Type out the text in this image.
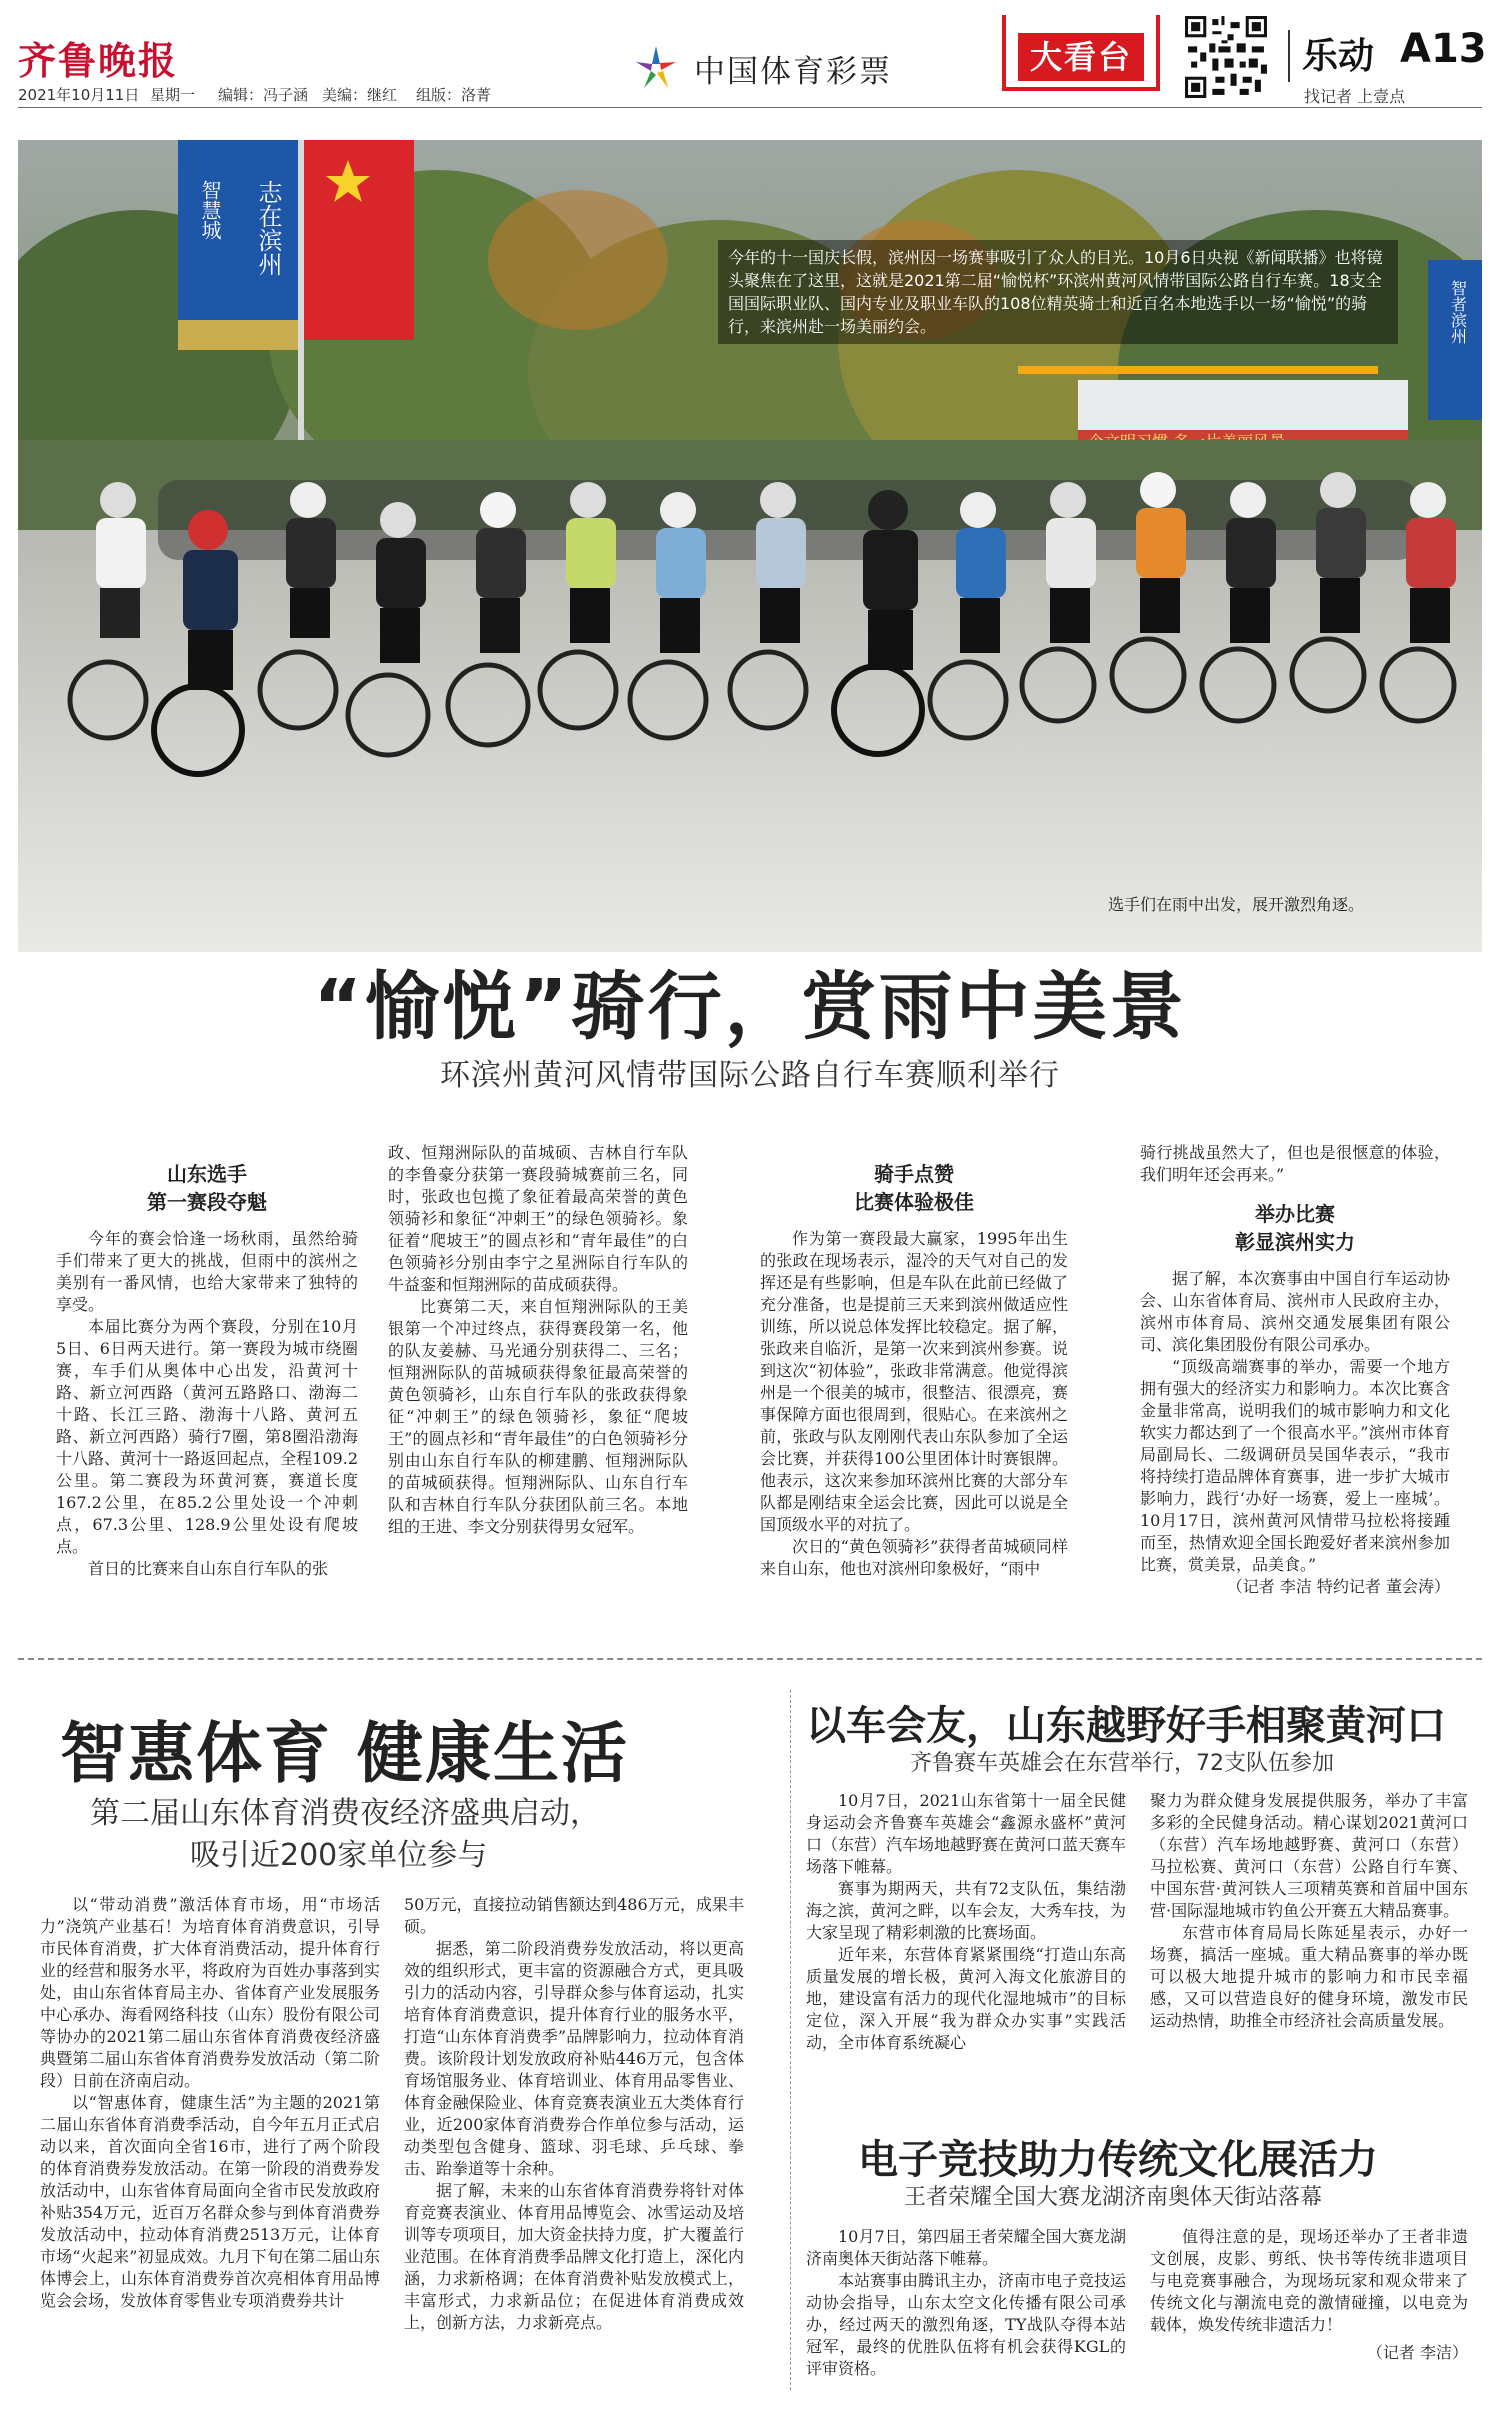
齐鲁晚报
2021年10月11日 星期一 编辑：冯子涵 美编：继红 组版：洛菁
中国体育彩票	大看台	乐动 A13
找记者 上壹点
志在滨州
智慧城
智者滨州
今年的十一国庆长假，滨州因一场赛事吸引了众人的目光。10月6日央视《新闻联播》也将镜头聚焦在了这里，这就是2021第二届“愉悦杯”环滨州黄河风情带国际公路自行车赛。18支全国国际职业队、国内专业及职业车队的108位精英骑士和近百名本地选手以一场“愉悦”的骑行，来滨州赴一场美丽约会。
选手们在雨中出发，展开激烈角逐。
“愉悦”骑行，赏雨中美景
环滨州黄河风情带国际公路自行车赛顺利举行
山东选手
第一赛段夺魁

今年的赛会恰逢一场秋雨，虽然给骑手们带来了更大的挑战，但雨中的滨州之美别有一番风情，也给大家带来了独特的享受。

本届比赛分为两个赛段，分别在10月5日、6日两天进行。第一赛段为城市绕圈赛，车手们从奥体中心出发，沿黄河十路、新立河西路（黄河五路路口、渤海二十路、长江三路、渤海十八路、黄河五路、新立河西路）骑行7圈，第8圈沿渤海十八路、黄河十一路返回起点，全程109.2公里。第二赛段为环黄河赛，赛道长度167.2公里，在85.2公里处设一个冲刺点，67.3公里、128.9公里处设有爬坡点。

首日的比赛来自山东自行车队的张

政、恒翔洲际队的苗城硕、吉林自行车队的李鲁豪分获第一赛段骑城赛前三名，同时，张政也包揽了象征着最高荣誉的黄色领骑衫和象征“冲刺王”的绿色领骑衫。象征着“爬坡王”的圆点衫和“青年最佳”的白色领骑衫分别由李宁之星洲际自行车队的牛益銮和恒翔洲际的苗成硕获得。

比赛第二天，来自恒翔洲际队的王美银第一个冲过终点，获得赛段第一名，他的队友姜赫、马光通分别获得二、三名；恒翔洲际队的苗城硕获得象征最高荣誉的黄色领骑衫，山东自行车队的张政获得象征“冲刺王”的绿色领骑衫，象征“爬坡王”的圆点衫和“青年最佳”的白色领骑衫分别由山东自行车队的柳建鹏、恒翔洲际队的苗城硕获得。恒翔洲际队、山东自行车队和吉林自行车队分获团队前三名。本地组的王进、李文分别获得男女冠军。

骑手点赞
比赛体验极佳

作为第一赛段最大赢家，1995年出生的张政在现场表示，湿冷的天气对自己的发挥还是有些影响，但是车队在此前已经做了充分准备，也是提前三天来到滨州做适应性训练，所以说总体发挥比较稳定。据了解，张政来自临沂，是第一次来到滨州参赛。说到这次“初体验”，张政非常满意。他觉得滨州是一个很美的城市，很整洁、很漂亮，赛事保障方面也很周到，很贴心。在来滨州之前，张政与队友刚刚代表山东队参加了全运会比赛，并获得100公里团体计时赛银牌。他表示，这次来参加环滨州比赛的大部分车队都是刚结束全运会比赛，因此可以说是全国顶级水平的对抗了。

次日的“黄色领骑衫”获得者苗城硕同样来自山东，他也对滨州印象极好，“雨中

骑行挑战虽然大了，但也是很惬意的体验，我们明年还会再来。”

举办比赛
彰显滨州实力

据了解，本次赛事由中国自行车运动协会、山东省体育局、滨州市人民政府主办，滨州市体育局、滨州交通发展集团有限公司、滨化集团股份有限公司承办。

“顶级高端赛事的举办，需要一个地方拥有强大的经济实力和影响力。本次比赛含金量非常高，说明我们的城市影响力和文化软实力都达到了一个很高水平。”滨州市体育局副局长、二级调研员吴国华表示，“我市将持续打造品牌体育赛事，进一步扩大城市影响力，践行‘办好一场赛，爱上一座城’。10月17日，滨州黄河风情带马拉松将接踵而至，热情欢迎全国长跑爱好者来滨州参加比赛，赏美景，品美食。”

（记者 李洁 特约记者 董会涛）
智惠体育 健康生活
第二届山东体育消费夜经济盛典启动，
吸引近200家单位参与

以“带动消费”激活体育市场，用“市场活力”浇筑产业基石！为培育体育消费意识，引导市民体育消费，扩大体育消费活动，提升体育行业的经营和服务水平，将政府为百姓办事落到实处，由山东省体育局主办、省体育产业发展服务中心承办、海看网络科技（山东）股份有限公司等协办的2021第二届山东省体育消费夜经济盛典暨第二届山东省体育消费券发放活动（第二阶段）日前在济南启动。

以“智惠体育，健康生活”为主题的2021第二届山东省体育消费季活动，自今年五月正式启动以来，首次面向全省16市，进行了两个阶段的体育消费券发放活动。在第一阶段的消费券发放活动中，山东省体育局面向全省市民发放政府补贴354万元，近百万名群众参与到体育消费券发放活动中，拉动体育消费2513万元，让体育市场“火起来”初显成效。九月下旬在第二届山东体博会上，山东体育消费券首次亮相体育用品博览会会场，发放体育零售业专项消费券共计

50万元，直接拉动销售额达到486万元，成果丰硕。

据悉，第二阶段消费券发放活动，将以更高效的组织形式，更丰富的资源融合方式，更具吸引力的活动内容，引导群众参与体育运动，扎实培育体育消费意识，提升体育行业的服务水平，打造“山东体育消费季”品牌影响力，拉动体育消费。该阶段计划发放政府补贴446万元，包含体育场馆服务业、体育培训业、体育用品零售业、体育金融保险业、体育竞赛表演业五大类体育行业，近200家体育消费券合作单位参与活动，运动类型包含健身、篮球、羽毛球、乒乓球、拳击、跆拳道等十余种。

据了解，未来的山东省体育消费券将针对体育竞赛表演业、体育用品博览会、冰雪运动及培训等专项项目，加大资金扶持力度，扩大覆盖行业范围。在体育消费季品牌文化打造上，深化内涵，力求新格调；在体育消费补贴发放模式上，丰富形式，力求新品位；在促进体育消费成效上，创新方法，力求新亮点。

以车会友，山东越野好手相聚黄河口
齐鲁赛车英雄会在东营举行，72支队伍参加

10月7日，2021山东省第十一届全民健身运动会齐鲁赛车英雄会“鑫源永盛杯”黄河口（东营）汽车场地越野赛在黄河口蓝天赛车场落下帷幕。

赛事为期两天，共有72支队伍，集结渤海之滨，黄河之畔，以车会友，大秀车技，为大家呈现了精彩刺激的比赛场面。

近年来，东营体育紧紧围绕“打造山东高质量发展的增长极，黄河入海文化旅游目的地，建设富有活力的现代化湿地城市”的目标定位，深入开展“我为群众办实事”实践活动，全市体育系统凝心

聚力为群众健身发展提供服务，举办了丰富多彩的全民健身活动。精心谋划2021黄河口（东营）汽车场地越野赛、黄河口（东营）马拉松赛、黄河口（东营）公路自行车赛、中国东营·黄河铁人三项精英赛和首届中国东营·国际湿地城市钓鱼公开赛五大精品赛事。

东营市体育局局长陈延星表示，办好一场赛，搞活一座城。重大精品赛事的举办既可以极大地提升城市的影响力和市民幸福感，又可以营造良好的健身环境，激发市民运动热情，助推全市经济社会高质量发展。

电子竞技助力传统文化展活力
王者荣耀全国大赛龙湖济南奥体天街站落幕

10月7日，第四届王者荣耀全国大赛龙湖济南奥体天街站落下帷幕。

本站赛事由腾讯主办，济南市电子竞技运动协会指导，山东太空文化传播有限公司承办，经过两天的激烈角逐，TY战队夺得本站冠军，最终的优胜队伍将有机会获得KGL的评审资格。

值得注意的是，现场还举办了王者非遗文创展，皮影、剪纸、快书等传统非遗项目与电竞赛事融合，为现场玩家和观众带来了传统文化与潮流电竞的激情碰撞，以电竞为载体，焕发传统非遗活力！

（记者 李洁）
